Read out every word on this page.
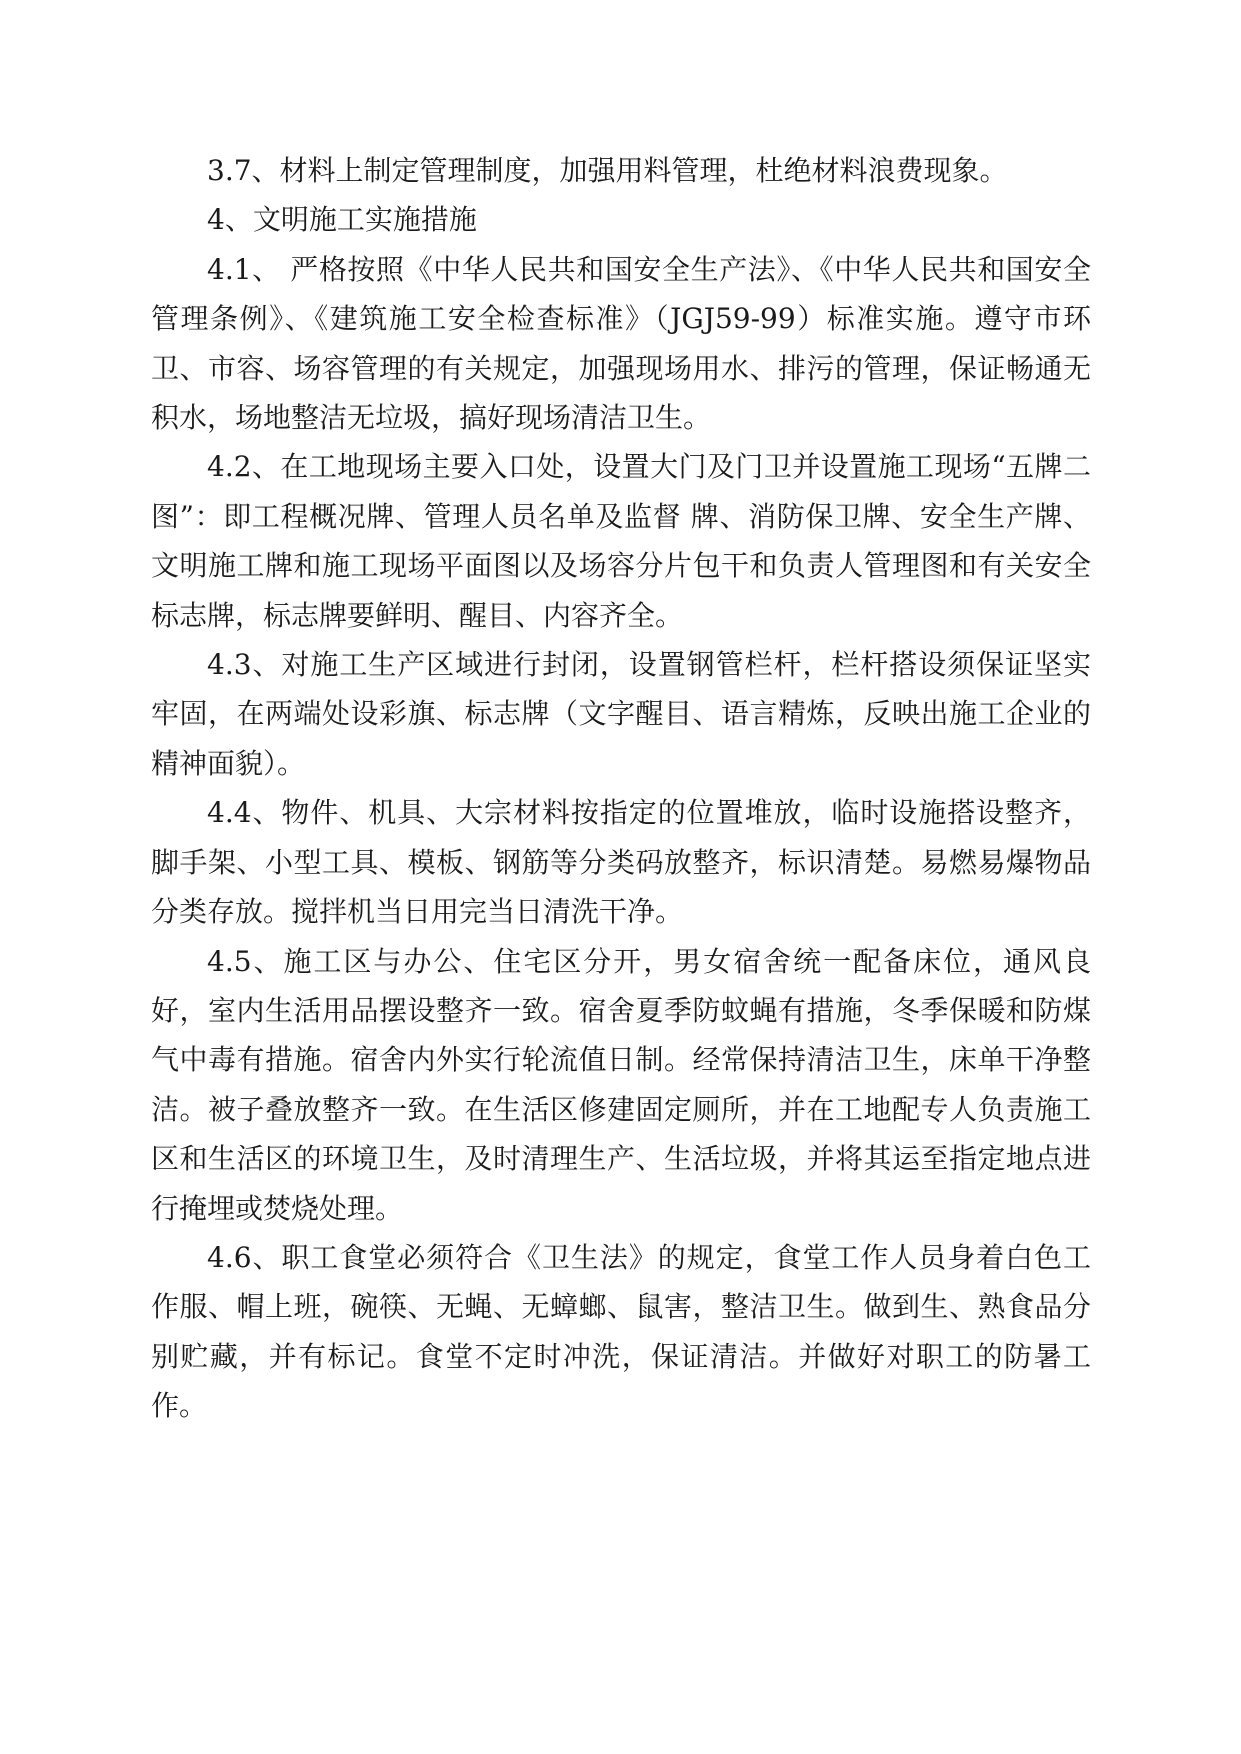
3.7、材料上制定管理制度，加强用料管理，杜绝材料浪费现象。

4、文明施工实施措施

4.1、 严格按照《中华人民共和国安全生产法》、《中华人民共和国安全管理条例》、《建筑施工安全检查标准》（JGJ59-99）标准实施。遵守市环卫、市容、场容管理的有关规定，加强现场用水、排污的管理，保证畅通无积水，场地整洁无垃圾，搞好现场清洁卫生。

4.2、在工地现场主要入口处，设置大门及门卫并设置施工现场“五牌二图”：即工程概况牌、管理人员名单及监督 牌、消防保卫牌、安全生产牌、文明施工牌和施工现场平面图以及场容分片包干和负责人管理图和有关安全标志牌，标志牌要鲜明、醒目、内容齐全。

4.3、对施工生产区域进行封闭，设置钢管栏杆，栏杆搭设须保证坚实牢固，在两端处设彩旗、标志牌（文字醒目、语言精炼，反映出施工企业的精神面貌）。

4.4、物件、机具、大宗材料按指定的位置堆放，临时设施搭设整齐，脚手架、小型工具、模板、钢筋等分类码放整齐，标识清楚。易燃易爆物品分类存放。搅拌机当日用完当日清洗干净。

4.5、施工区与办公、住宅区分开，男女宿舍统一配备床位，通风良好，室内生活用品摆设整齐一致。宿舍夏季防蚊蝇有措施，冬季保暖和防煤气中毒有措施。宿舍内外实行轮流值日制。经常保持清洁卫生，床单干净整洁。被子叠放整齐一致。在生活区修建固定厕所，并在工地配专人负责施工区和生活区的环境卫生，及时清理生产、生活垃圾，并将其运至指定地点进行掩埋或焚烧处理。

4.6、职工食堂必须符合《卫生法》的规定，食堂工作人员身着白色工作服、帽上班，碗筷、无蝇、无蟑螂、鼠害，整洁卫生。做到生、熟食品分别贮藏，并有标记。食堂不定时冲洗，保证清洁。并做好对职工的防暑工作。
